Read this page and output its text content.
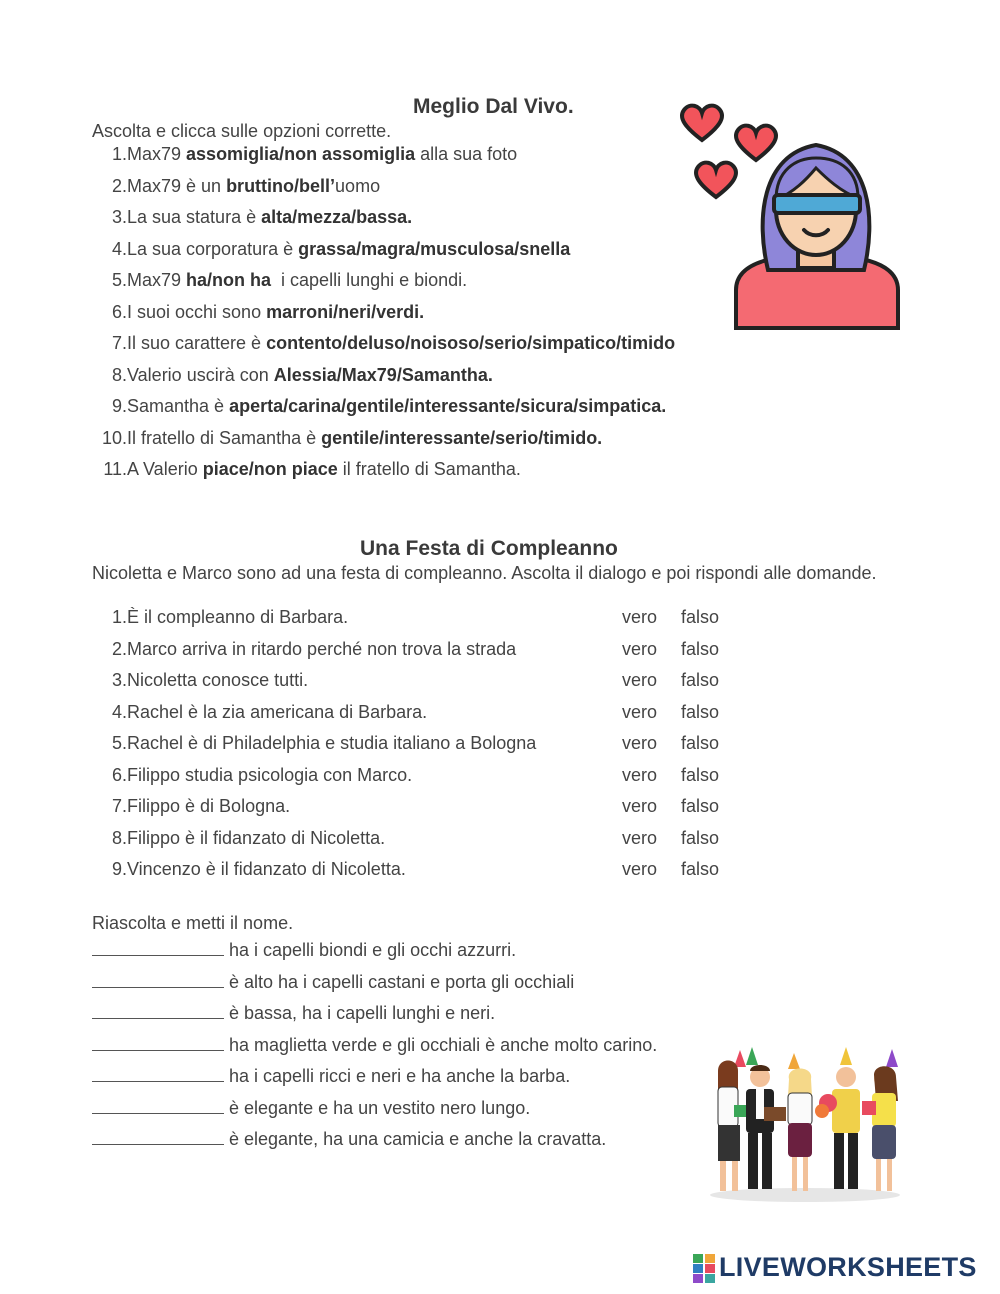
Meglio Dal Vivo.
Ascolta e clicca sulle opzioni corrette.
1. Max79 assomiglia/non assomiglia alla sua foto
2. Max79 è un bruttino/bell’uomo
3. La sua statura è alta/mezza/bassa.
4. La sua corporatura è grassa/magra/musculosa/snella
5. Max79 ha/non ha  i capelli lunghi e biondi.
6. I suoi occhi sono marroni/neri/verdi.
7. Il suo carattere è contento/deluso/noisoso/serio/simpatico/timido
8. Valerio uscirà con Alessia/Max79/Samantha.
9. Samantha è aperta/carina/gentile/interessante/sicura/simpatica.
10. Il fratello di Samantha è gentile/interessante/serio/timido.
11. A Valerio piace/non piace il fratello di Samantha.
Una Festa di Compleanno
Nicoletta e Marco sono ad una festa di compleanno. Ascolta il dialogo e poi rispondi alle domande.
1. È il compleanno di Barbara.	vero falso
2. Marco arriva in ritardo perché non trova la strada	vero falso
3. Nicoletta conosce tutti.	vero falso
4. Rachel è la zia americana di Barbara.	vero falso
5. Rachel è di Philadelphia e studia italiano a Bologna	vero falso
6. Filippo studia psicologia con Marco.	vero falso
7. Filippo è di Bologna.	vero falso
8. Filippo è il fidanzato di Nicoletta.	vero falso
9. Vincenzo è il fidanzato di Nicoletta.	vero falso
Riascolta e metti il nome.
ha i capelli biondi e gli occhi azzurri.
è alto ha i capelli castani e porta gli occhiali
è bassa, ha i capelli lunghi e neri.
ha maglietta verde e gli occhiali è anche molto carino.
ha i capelli ricci e neri e ha anche la barba.
è elegante e ha un vestito nero lungo.
è elegante, ha una camicia e anche la cravatta.
LIVEWORKSHEETS
